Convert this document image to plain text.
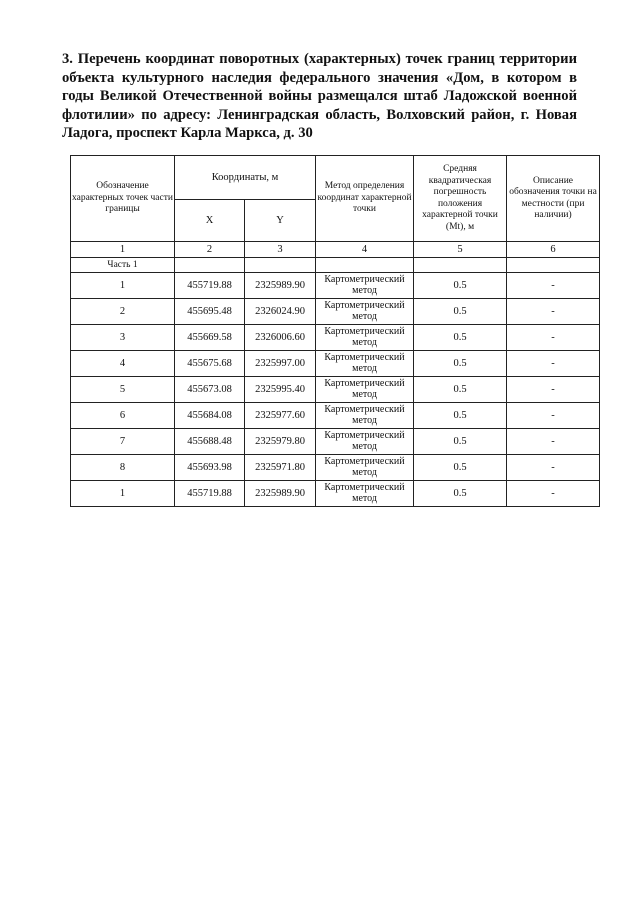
3. Перечень координат поворотных (характерных) точек границ территории объекта культурного наследия федерального значения «Дом, в котором в годы Великой Отечественной войны размещался штаб Ладожской военной флотилии» по адресу: Ленинградская область, Волховский район, г. Новая Ладога, проспект Карла Маркса, д. 30

Обозначение характерных точек части границы	Координаты, м		Метод определения координат характерной точки	Средняя квадратическая погрешность положения характерной точки (Мt), м	Описание обозначения точки на местности (при наличии)
	X	Y			
1	2	3	4	5	6
Часть 1					
1	455719.88	2325989.90	Картометрический метод	0.5	-
2	455695.48	2326024.90	Картометрический метод	0.5	-
3	455669.58	2326006.60	Картометрический метод	0.5	-
4	455675.68	2325997.00	Картометрический метод	0.5	-
5	455673.08	2325995.40	Картометрический метод	0.5	-
6	455684.08	2325977.60	Картометрический метод	0.5	-
7	455688.48	2325979.80	Картометрический метод	0.5	-
8	455693.98	2325971.80	Картометрический метод	0.5	-
1	455719.88	2325989.90	Картометрический метод	0.5	-
